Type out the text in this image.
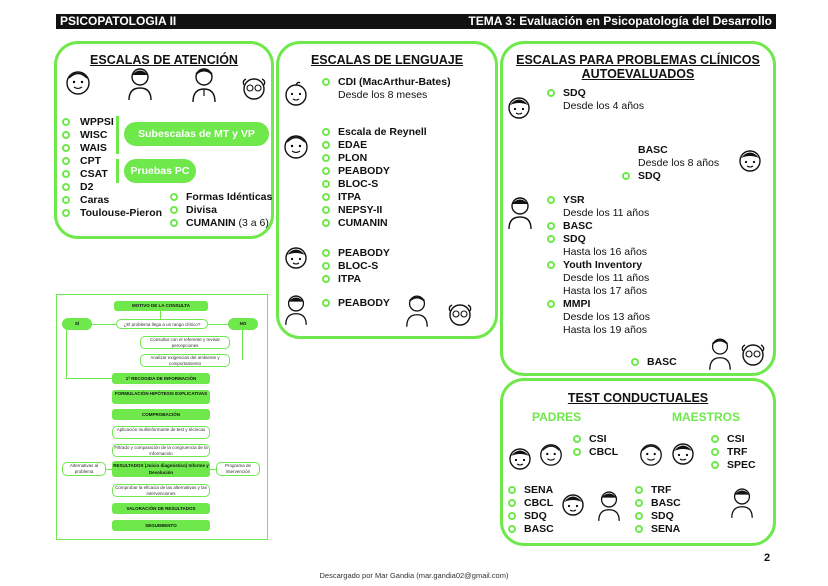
PSICOPATOLOGIA II	TEMA 3: Evaluación en Psicopatología del Desarrollo
ESCALAS DE ATENCIÓN
WPPSI
WISC
WAIS
CPT
CSAT
D2
Caras
Toulouse-Pieron
Subescalas de MT y VP
Pruebas PC
Formas Idénticas
Divisa
CUMANIN (3 a 6)
ESCALAS DE LENGUAJE
CDI (MacArthur-Bates)
Desde los 8 meses
Escala de Reynell
EDAE
PLON
PEABODY
BLOC-S
ITPA
NEPSY-II
CUMANIN
PEABODY
BLOC-S
ITPA
PEABODY
ESCALAS PARA PROBLEMAS CLÍNICOS
AUTOEVALUADOS
SDQ
Desde los 4 años
BASC
Desde los 8 años
SDQ
YSR
Desde los 11 años
BASC
SDQ
Hasta los 16 años
Youth Inventory
Desde los 11 años
Hasta los 17 años
MMPI
Desde los 13 años
Hasta los 19 años
BASC
TEST CONDUCTUALES
PADRES	MAESTROS
CSI
CBCL
CSI
TRF
SPEC
SENA
CBCL
SDQ
BASC
TRF
BASC
SDQ
SENA
MOTIVO DE LA CONSULTA
SÍ	¿El problema llega a un rango clínico?	NO
Consultar con el referente y revisar percepciones
Analizar exigencias del ambiente y comportamiento
1ª RECOGIDA DE INFORMACIÓN
FORMULACIÓN HIPÓTESIS EXPLICATIVAS
COMPROBACIÓN
Aplicación multiinformante de test y técnicas
Filtrado y comparación de la congruencia de la información
Alternativas al problema
RESULTADOS (Juicio diagnóstico) Informe y Devolución
Programa de intervención
Comprobar la eficacia de las alternativas y las intervenciones
VALORACIÓN DE RESULTADOS
SEGUIMIENTO
2
Descargado por Mar Gandia (mar.gandia02@gmail.com)
